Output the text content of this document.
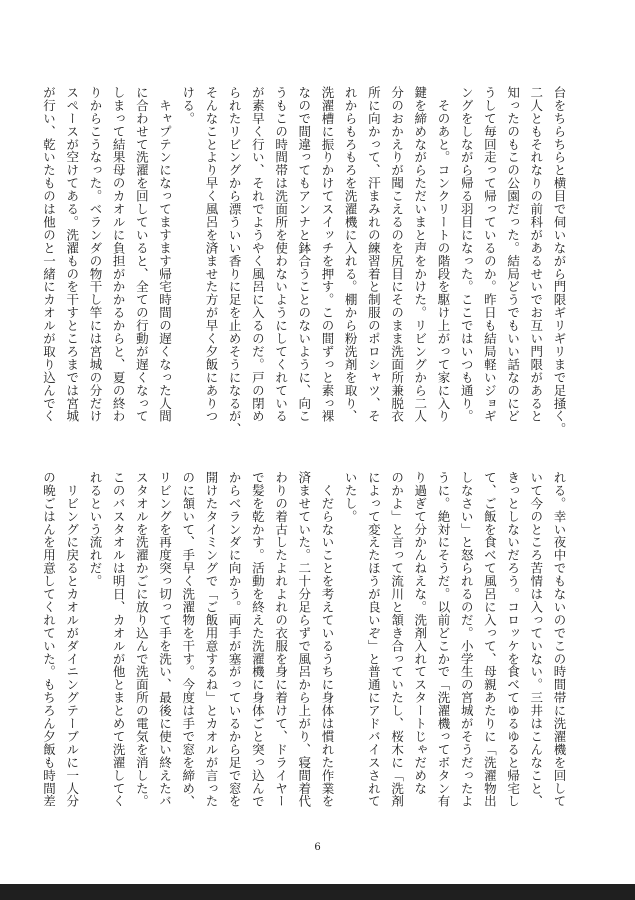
台をちらちらと横目で伺いながら門限ギリギリまで足掻く。
二人ともそれなりの前科があるせいでお互い門限があると
知ったのもこの公園だった。結局どうでもいい話なのにど
うして毎回走って帰っているのか。昨日も結局軽いジョギ
ングをしながら帰る羽目になった。ここではいつも通り。
　そのあと。コンクリートの階段を駆け上がって家に入り
鍵を締めながらただいまと声をかけた。リビングから二人
分のおかえりが聞こえるのを尻目にそのまま洗面所兼脱衣
所に向かって、汗まみれの練習着と制服のポロシャツ、そ
れからもろもろを洗濯機に入れる。棚から粉洗剤を取り、
洗濯槽に振りかけてスイッチを押す。この間ずっと素っ裸
なので間違ってもアンナと鉢合うことのないように、向こ
うもこの時間帯は洗面所を使わないようにしてくれている
が素早く行い、それでようやく風呂に入るのだ。戸の閉め
られたリビングから漂ういい香りに足を止めそうになるが、
そんなことより早く風呂を済ませた方が早く夕飯にありつ
ける。
　キャプテンになってますます帰宅時間の遅くなった人間
に合わせて洗濯を回していると、全ての行動が遅くなって
しまって結果母のカオルに負担がかかるからと、夏の終わ
りからこうなった。ベランダの物干し竿には宮城の分だけ
スペースが空けてある。洗濯ものを干すところまでは宮城
が行い、乾いたものは他のと一緒にカオルが取り込んでく
れる。幸い夜中でもないのでこの時間帯に洗濯機を回して
いて今のところ苦情は入っていない。三井はこんなこと、
きっとしないだろう。コロッケを食べてゆるゆると帰宅し
て、ご飯を食べて風呂に入って、母親あたりに「洗濯物出
しなさい」と怒られるのだ。小学生の宮城がそうだったよ
うに。絶対にそうだ。以前どこかで「洗濯機ってボタン有
り過ぎて分かんねえな。洗剤入れてスタートじゃだめな
のかよ」と言って流川と頷き合っていたし、桜木に「洗剤
によって変えたほうが良いぞ」と普通にアドバイスされて
いたし。
　くだらないことを考えているうちに身体は慣れた作業を
済ませていた。二十分足らずで風呂から上がり、寝間着代
わりの着古したよれよれの衣服を身に着けて、ドライヤー
で髪を乾かす。活動を終えた洗濯機に身体ごと突っ込んで
からベランダに向かう。両手が塞がっているから足で窓を
開けたタイミングで「ご飯用意するね」とカオルが言った
のに頷いて、手早く洗濯物を干す。今度は手で窓を締め、
リビングを再度突っ切って手を洗い、最後に使い終えたバ
スタオルを洗濯かごに放り込んで洗面所の電気を消した。
このバスタオルは明日、カオルが他とまとめて洗濯してく
れるという流れだ。
　リビングに戻るとカオルがダイニングテーブルに一人分
の晩ごはんを用意してくれていた。もちろん夕飯も時間差
6
